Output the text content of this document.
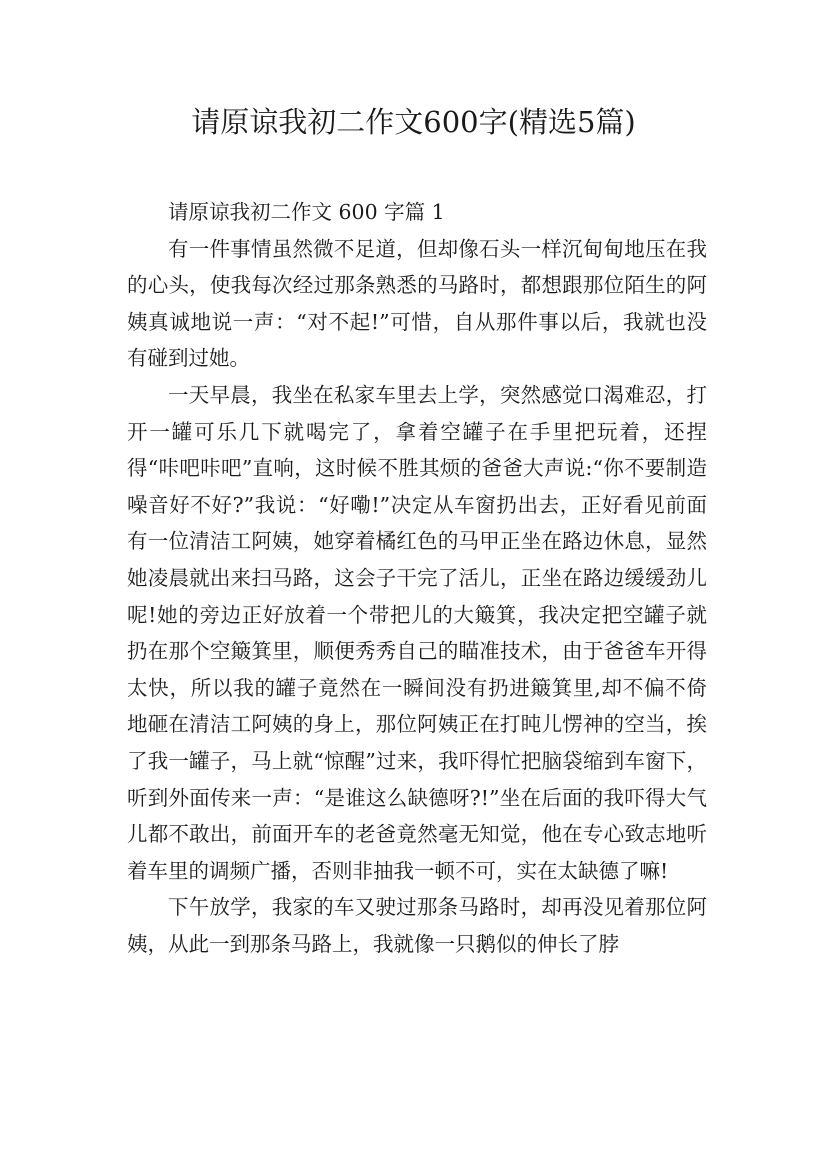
请原谅我初二作文600字(精选5篇)
请原谅我初二作文 600 字篇 1

有一件事情虽然微不足道，但却像石头一样沉甸甸地压在我的心头，使我每次经过那条熟悉的马路时，都想跟那位陌生的阿姨真诚地说一声：“对不起!”可惜，自从那件事以后，我就也没有碰到过她。

一天早晨，我坐在私家车里去上学，突然感觉口渴难忍，打开一罐可乐几下就喝完了，拿着空罐子在手里把玩着，还捏得“咔吧咔吧”直响，这时候不胜其烦的爸爸大声说:“你不要制造噪音好不好?”我说：“好嘞!”决定从车窗扔出去，正好看见前面有一位清洁工阿姨，她穿着橘红色的马甲正坐在路边休息，显然她凌晨就出来扫马路，这会子干完了活儿，正坐在路边缓缓劲儿呢!她的旁边正好放着一个带把儿的大簸箕，我决定把空罐子就扔在那个空簸箕里，顺便秀秀自己的瞄准技术，由于爸爸车开得太快，所以我的罐子竟然在一瞬间没有扔进簸箕里,却不偏不倚地砸在清洁工阿姨的身上，那位阿姨正在打盹儿愣神的空当，挨了我一罐子，马上就“惊醒”过来，我吓得忙把脑袋缩到车窗下，听到外面传来一声：“是谁这么缺德呀?!”坐在后面的我吓得大气儿都不敢出，前面开车的老爸竟然毫无知觉，他在专心致志地听着车里的调频广播，否则非抽我一顿不可，实在太缺德了嘛!

下午放学，我家的车又驶过那条马路时，却再没见着那位阿姨，从此一到那条马路上，我就像一只鹅似的伸长了脖
